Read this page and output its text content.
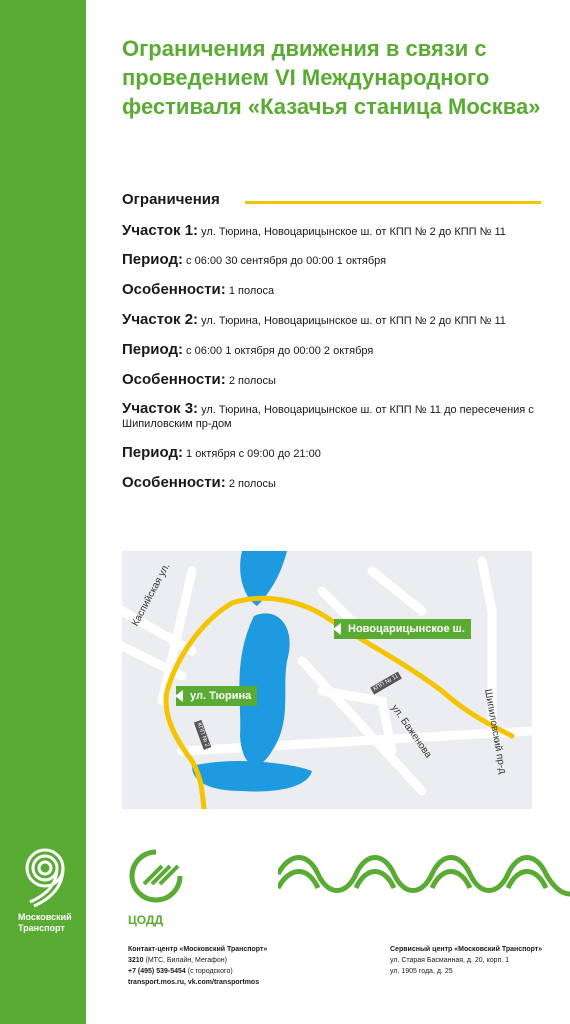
Московский
Транспорт
Ограничения движения в связи с проведением VI Международного фестиваля «Казачья станица Москва»
Ограничения
Участок 1: ул. Тюрина, Новоцарицынское ш. от КПП № 2 до КПП № 11
Период: с 06:00 30 сентября до 00:00 1 октября
Особенности: 1 полоса
Участок 2: ул. Тюрина, Новоцарицынское ш. от КПП № 2 до КПП № 11
Период: с 06:00 1 октября до 00:00 2 октября
Особенности: 2 полосы
Участок 3: ул. Тюрина, Новоцарицынское ш. от КПП № 11 до пересечения с Шипиловским пр-дом
Период: 1 октября с 09:00 до 21:00
Особенности: 2 полосы
Новоцарицынское ш.
ул. Тюрина
КПП № 11
КПП № 2
Каспийская ул.
ул. Баженова	Шипиловский пр-д
ЦОДД
Контакт-центр «Московский Транспорт»
3210 (МТС, Билайн, Мегафон)
+7 (495) 539-5454 (с городского)
transport.mos.ru, vk.com/transportmos
Сервисный центр «Московский Транспорт»
ул. Старая Басманная, д. 20, корп. 1
ул. 1905 года, д. 25
